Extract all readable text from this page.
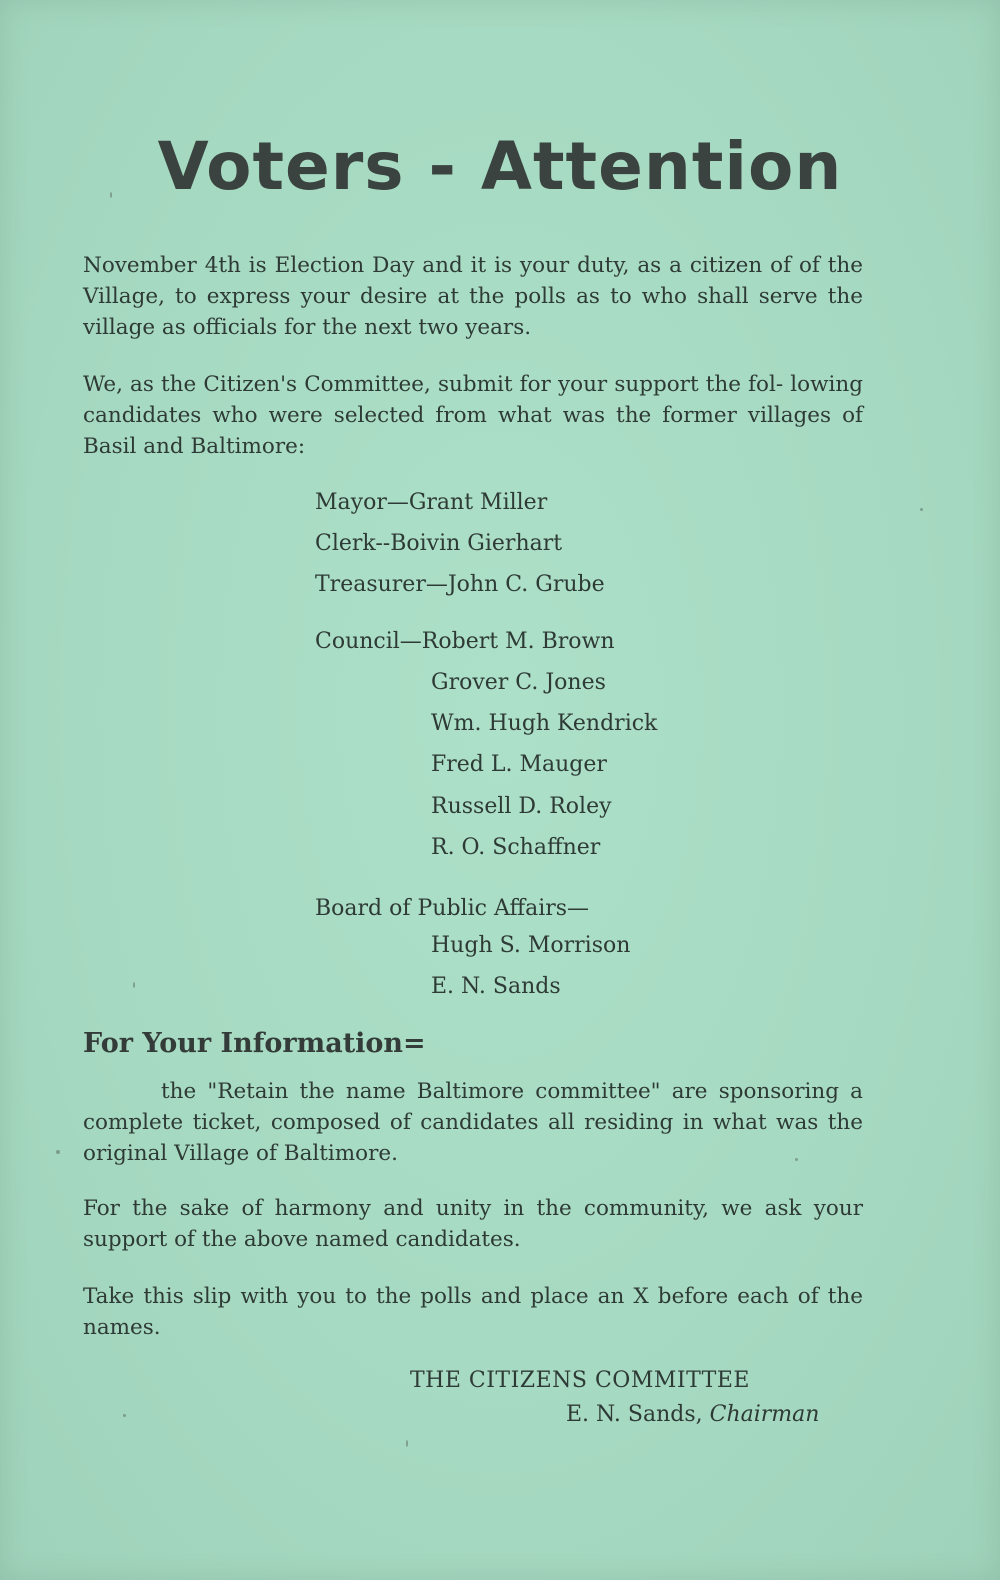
Voters - Attention

November 4th is Election Day and it is your duty, as a citizen of of the Village, to express your desire at the polls as to who shall serve the village as officials for the next two years.

We, as the Citizen's Committee, submit for your support the fol- lowing candidates who were selected from what was the former villages of Basil and Baltimore:

Mayor—Grant Miller

Clerk--Boivin Gierhart

Treasurer—John C. Grube

Council—Robert M. Brown

Grover C. Jones

Wm. Hugh Kendrick

Fred L. Mauger

Russell D. Roley

R. O. Schaffner

Board of Public Affairs—

Hugh S. Morrison

E. N. Sands

For Your Information=

the "Retain the name Baltimore committee" are sponsoring a complete ticket, composed of candidates all residing in what was the original Village of Baltimore.

For the sake of harmony and unity in the community, we ask your support of the above named candidates.

Take this slip with you to the polls and place an X before each of the names.

THE CITIZENS COMMITTEE

E. N. Sands, Chairman
